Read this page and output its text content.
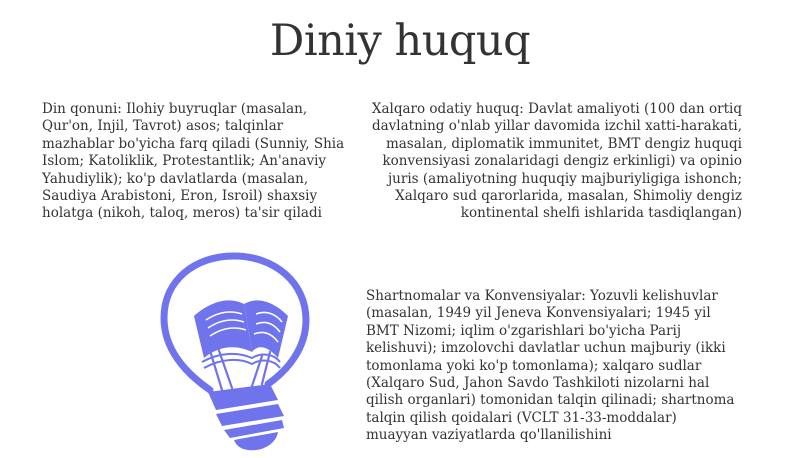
Diniy huquq

Din qonuni: Ilohiy buyruqlar (masalan, Qur'on, Injil, Tavrot) asos; talqinlar mazhablar bo'yicha farq qiladi (Sunniy, Shia Islom; Katoliklik, Protestantlik; An'anaviy Yahudiylik); ko'p davlatlarda (masalan, Saudiya Arabistoni, Eron, Isroil) shaxsiy holatga (nikoh, taloq, meros) ta'sir qiladi

Xalqaro odatiy huquq: Davlat amaliyoti (100 dan ortiq davlatning o'nlab yillar davomida izchil xatti-harakati, masalan, diplomatik immunitet, BMT dengiz huquqi konvensiyasi zonalaridagi dengiz erkinligi) va opinio juris (amaliyotning huquqiy majburiyligiga ishonch; Xalqaro sud qarorlarida, masalan, Shimoliy dengiz kontinental shelfi ishlarida tasdiqlangan)

Shartnomalar va Konvensiyalar: Yozuvli kelishuvlar (masalan, 1949 yil Jeneva Konvensiyalari; 1945 yil BMT Nizomi; iqlim o'zgarishlari bo'yicha Parij kelishuvi); imzolovchi davlatlar uchun majburiy (ikki tomonlama yoki ko'p tomonlama); xalqaro sudlar (Xalqaro Sud, Jahon Savdo Tashkiloti nizolarni hal qilish organlari) tomonidan talqin qilinadi; shartnoma talqin qilish qoidalari (VCLT 31-33-moddalar) muayyan vaziyatlarda qo'llanilishini
